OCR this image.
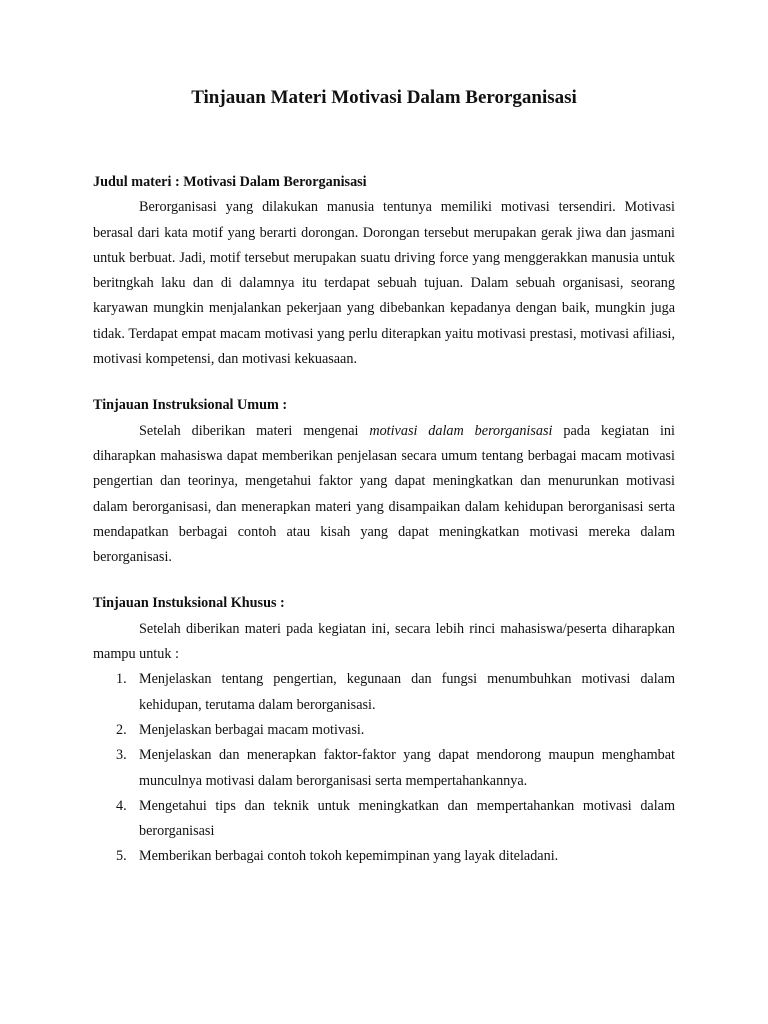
Tinjauan Materi Motivasi Dalam Berorganisasi

Judul materi : Motivasi Dalam Berorganisasi

Berorganisasi yang dilakukan manusia tentunya memiliki motivasi tersendiri. Motivasi berasal dari kata motif yang berarti dorongan. Dorongan tersebut merupakan gerak jiwa dan jasmani untuk berbuat. Jadi, motif tersebut merupakan suatu driving force yang menggerakkan manusia untuk beritngkah laku dan di dalamnya itu terdapat sebuah tujuan. Dalam sebuah organisasi, seorang karyawan mungkin menjalankan pekerjaan yang dibebankan kepadanya dengan baik, mungkin juga tidak. Terdapat empat macam motivasi yang perlu diterapkan yaitu motivasi prestasi, motivasi afiliasi, motivasi kompetensi, dan motivasi kekuasaan.

Tinjauan Instruksional Umum :

Setelah diberikan materi mengenai motivasi dalam berorganisasi pada kegiatan ini diharapkan mahasiswa dapat memberikan penjelasan secara umum tentang berbagai macam motivasi pengertian dan teorinya, mengetahui faktor yang dapat meningkatkan dan menurunkan motivasi dalam berorganisasi, dan menerapkan materi yang disampaikan dalam kehidupan berorganisasi serta mendapatkan berbagai contoh atau kisah yang dapat meningkatkan motivasi mereka dalam berorganisasi.

Tinjauan Instuksional Khusus :

Setelah diberikan materi pada kegiatan ini, secara lebih rinci mahasiswa/peserta diharapkan mampu untuk :

1. Menjelaskan tentang pengertian, kegunaan dan fungsi menumbuhkan motivasi dalam kehidupan, terutama dalam berorganisasi.
2. Menjelaskan berbagai macam motivasi.
3. Menjelaskan dan menerapkan faktor-faktor yang dapat mendorong maupun menghambat munculnya motivasi dalam berorganisasi serta mempertahankannya.
4. Mengetahui tips dan teknik untuk meningkatkan dan mempertahankan motivasi dalam berorganisasi
5. Memberikan berbagai contoh tokoh kepemimpinan yang layak diteladani.
